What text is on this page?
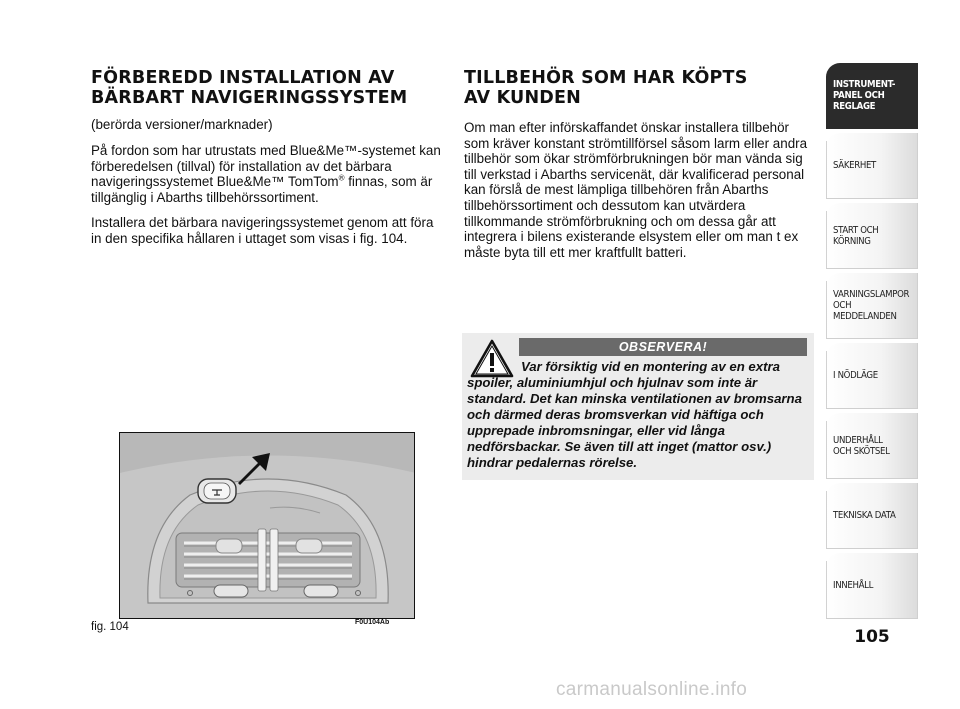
FÖRBEREDD INSTALLATION AV
BÄRBART NAVIGERINGSSYSTEM

(berörda versioner/marknader)

På fordon som har utrustats med Blue&Me™-systemet kan förberedelsen (tillval) för installation av det bärbara navigeringssystemet Blue&Me™ TomTom® finnas, som är tillgänglig i Abarths tillbehörssortiment.

Installera det bärbara navigeringssystemet genom att föra in den specifika hållaren i uttaget som visas i fig. 104.

TILLBEHÖR SOM HAR KÖPTS
AV KUNDEN

Om man efter införskaffandet önskar installera tillbehör som kräver konstant strömtillförsel såsom larm eller andra tillbehör som ökar strömförbrukningen bör man vända sig till verkstad i Abarths servicenät, där kvalificerad personal kan förslå de mest lämpliga tillbehören från Abarths tillbehörssortiment och dessutom kan utvärdera tillkommande strömförbrukning och om dessa går att integrera i bilens existerande elsystem eller om man t ex måste byta till ett mer kraftfullt batteri.

OBSERVERA!

Var försiktig vid en montering av en extra spoiler, aluminiumhjul och hjulnav som inte är standard. Det kan minska ventilationen av bromsarna och därmed deras bromsverkan vid häftiga och upprepade inbromsningar, eller vid långa nedförsbackar. Se även till att inget (mattor osv.) hindrar pedalernas rörelse.

fig. 104	F0U104Ab
INSTRUMENT-
PANEL OCH
REGLAGE
SÄKERHET
START OCH
KÖRNING
VARNINGSLAMPOR
OCH
MEDDELANDEN
I NÖDLÄGE
UNDERHÅLL
OCH SKÖTSEL
TEKNISKA DATA
INNEHÅLL
105
carmanualsonline.info
